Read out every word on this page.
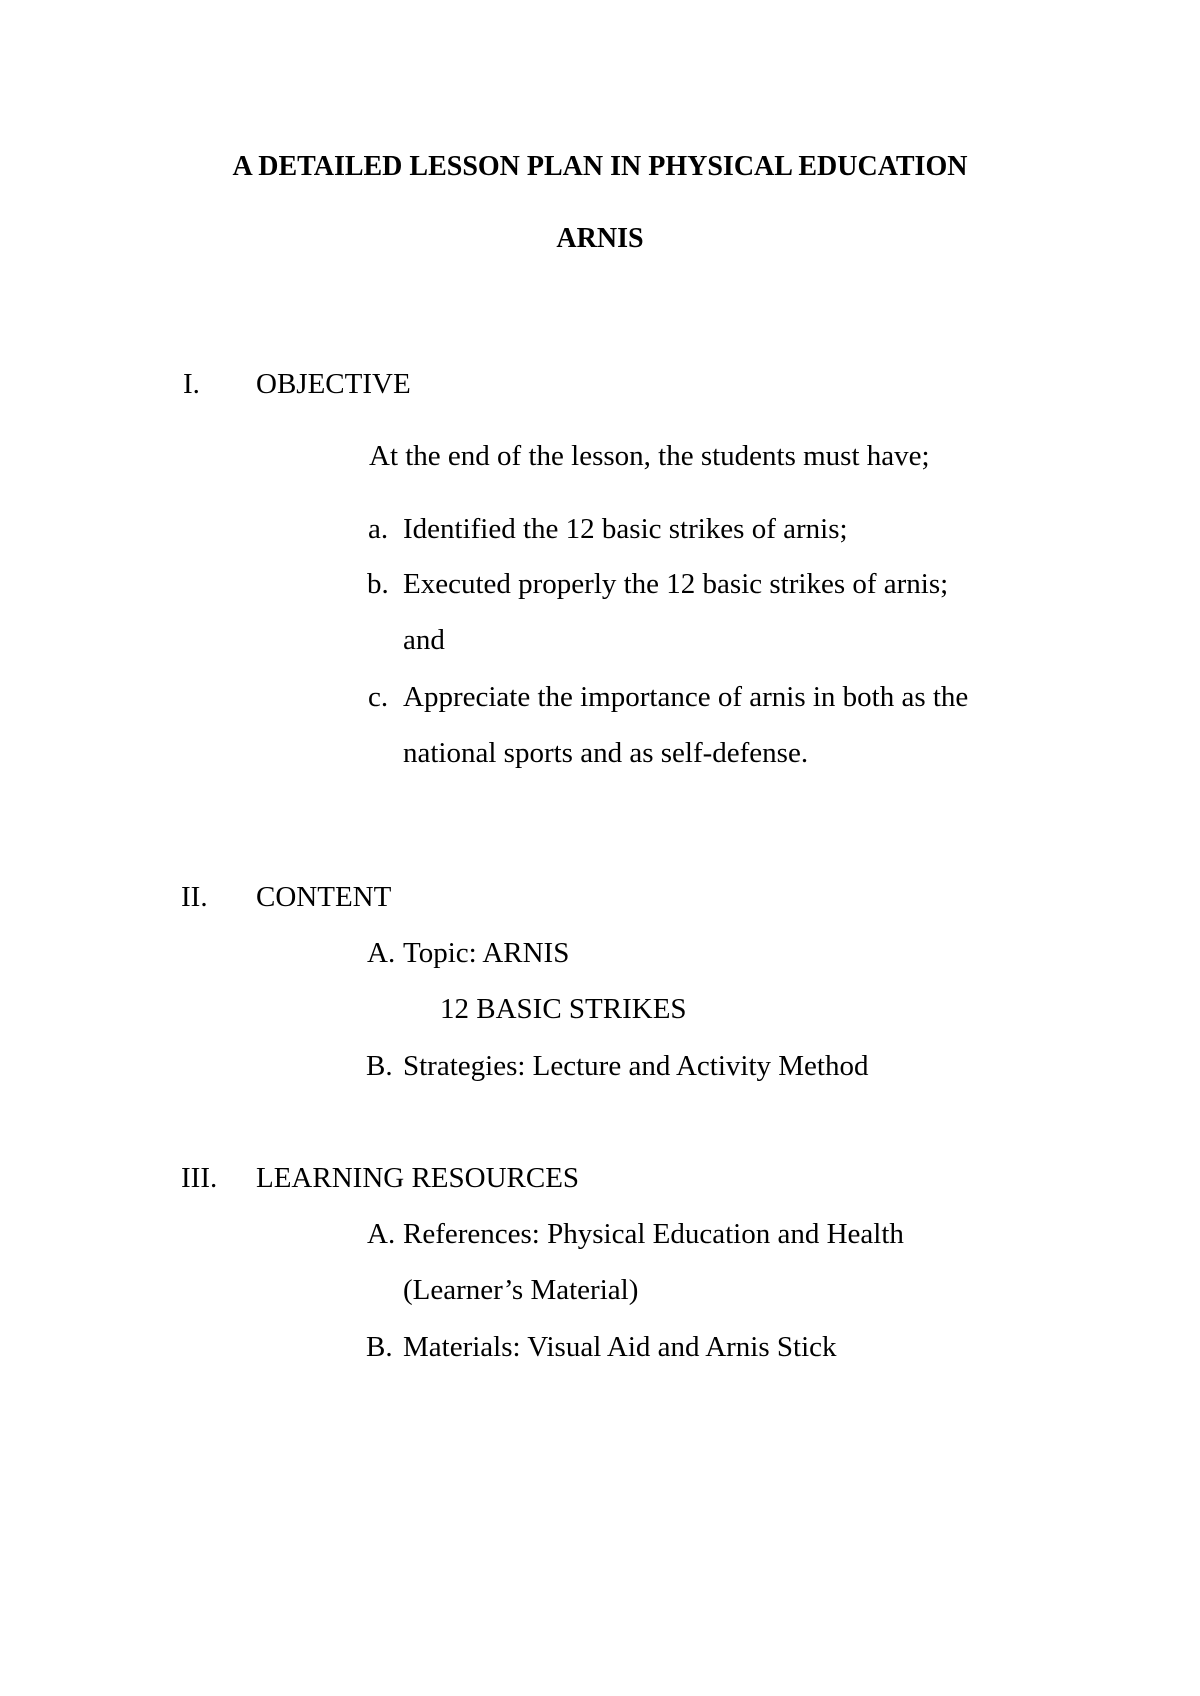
A DETAILED LESSON PLAN IN PHYSICAL EDUCATION
ARNIS
I. OBJECTIVE
At the end of the lesson, the students must have;
a. Identified the 12 basic strikes of arnis;
b. Executed properly the 12 basic strikes of arnis;
and
c. Appreciate the importance of arnis in both as the
national sports and as self-defense.
II. CONTENT
A. Topic: ARNIS
12 BASIC STRIKES
B. Strategies: Lecture and Activity Method
III. LEARNING RESOURCES
A. References: Physical Education and Health
(Learner’s Material)
B. Materials: Visual Aid and Arnis Stick
